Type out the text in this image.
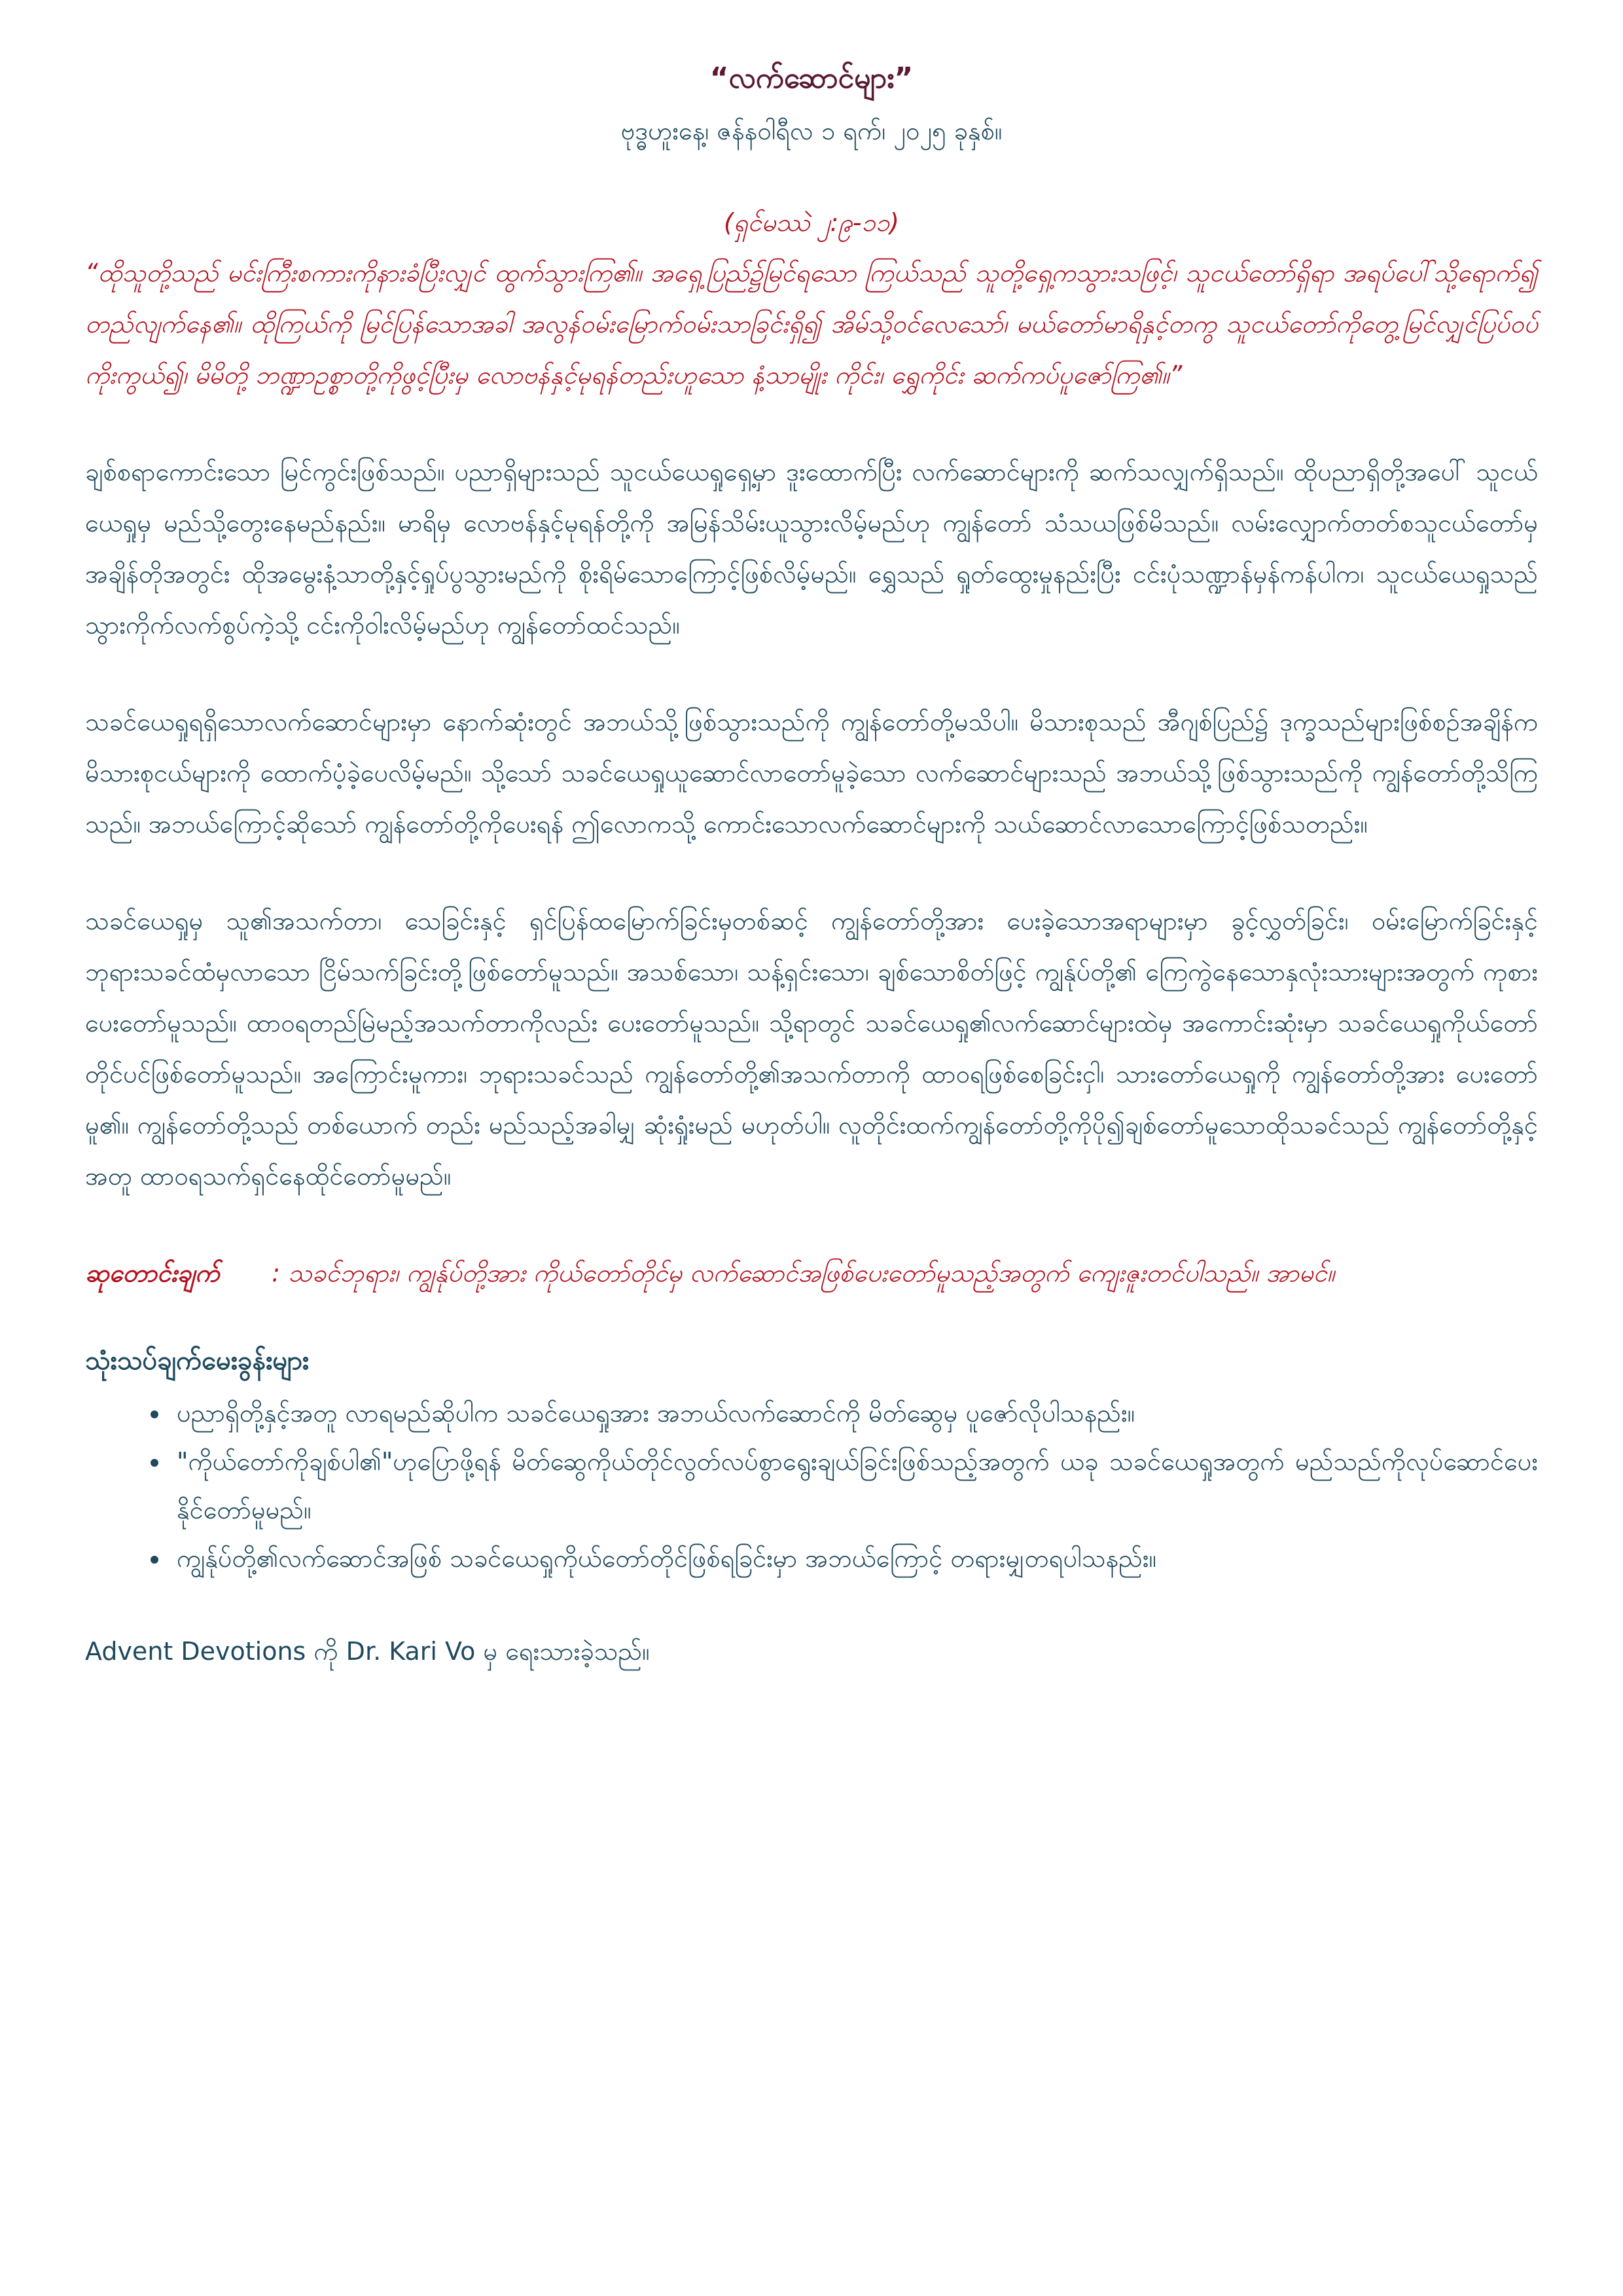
“လက်ဆောင်များ”
ဗုဒ္ဓဟူးနေ့၊ ဇန်နဝါရီလ ၁ ရက်၊ ၂၀၂၅ ခုနှစ်။
(ရှင်မဿဲ ၂:၉-၁၁)
“ထိုသူတို့သည် မင်းကြီးစကားကိုနားခံပြီးလျှင် ထွက်သွားကြ၏။ အရှေ့ပြည်၌မြင်ရသော ကြယ်သည် သူတို့ရှေ့ကသွားသဖြင့်၊ သူငယ်တော်ရှိရာ အရပ်ပေါ်သို့ရောက်၍ တည်လျက်နေ၏။ ထိုကြယ်ကို မြင်ပြန်သောအခါ အလွန်ဝမ်းမြောက်ဝမ်းသာခြင်းရှိ၍ အိမ်သို့ဝင်လေသော်၊ မယ်တော်မာရိနှင့်တကွ သူငယ်တော်ကိုတွေ့မြင်လျှင်ပြပ်ဝပ်ကိုးကွယ်၍၊ မိမိတို့ ဘဏ္ဍာဥစ္စာတို့ကိုဖွင့်ပြီးမှ လောဗန်နှင့်မုရန်တည်းဟူသော နံ့သာမျိုး ကိုင်း၊ ရွှေကိုင်း ဆက်ကပ်ပူဇော်ကြ၏။”
ချစ်စရာကောင်းသော မြင်ကွင်းဖြစ်သည်။ ပညာရှိများသည် သူငယ်ယေရှုရှေ့မှာ ဒူးထောက်ပြီး လက်ဆောင်များကို ဆက်သလျှက်ရှိသည်။ ထိုပညာရှိတို့အပေါ် သူငယ်ယေရှုမှ မည်သို့တွေးနေမည်နည်း။ မာရိမှ လောဗန်နှင့်မုရန်တို့ကို အမြန်သိမ်းယူသွားလိမ့်မည်ဟု ကျွန်တော် သံသယဖြစ်မိသည်။ လမ်းလျှောက်တတ်စသူငယ်တော်မှ အချိန်တိုအတွင်း ထိုအမွေးနံ့သာတို့နှင့်ရှုပ်ပွသွားမည်ကို စိုးရိမ်သောကြောင့်ဖြစ်လိမ့်မည်။ ရွှေသည် ရှုတ်ထွေးမှုနည်းပြီး ငင်းပုံသဏ္ဍာန်မှန်ကန်ပါက၊ သူငယ်ယေရှုသည် သွားကိုက်လက်စွပ်ကဲ့သို့ ငင်းကိုဝါးလိမ့်မည်ဟု ကျွန်တော်ထင်သည်။
သခင်ယေရှုရရှိသောလက်ဆောင်များမှာ နောက်ဆုံးတွင် အဘယ်သို့ဖြစ်သွားသည်ကို ကျွန်တော်တို့မသိပါ။ မိသားစုသည် အီဂျစ်ပြည်၌ ဒုက္ခသည်များဖြစ်စဉ်အချိန်က မိသားစုငယ်များကို ထောက်ပံ့ခဲ့ပေလိမ့်မည်။ သို့သော် သခင်ယေရှုယူဆောင်လာတော်မူခဲ့သော လက်ဆောင်များသည် အဘယ်သို့ဖြစ်သွားသည်ကို ကျွန်တော်တို့သိကြသည်။ အဘယ်ကြောင့်ဆိုသော် ကျွန်တော်တို့ကိုပေးရန် ဤလောကသို့ ကောင်းသောလက်ဆောင်များကို သယ်ဆောင်လာသောကြောင့်ဖြစ်သတည်း။
သခင်ယေရှုမှ သူ၏အသက်တာ၊ သေခြင်းနှင့် ရှင်ပြန်ထမြောက်ခြင်းမှတစ်ဆင့် ကျွန်တော်တို့အား ပေးခဲ့သောအရာများမှာ ခွင့်လွှတ်ခြင်း၊ ဝမ်းမြောက်ခြင်းနှင့်ဘုရားသခင်ထံမှလာသော ငြိမ်သက်ခြင်းတို့ဖြစ်တော်မူသည်။ အသစ်သော၊ သန့်ရှင်းသော၊ ချစ်သောစိတ်ဖြင့် ကျွန်ုပ်တို့၏ ကြေကွဲနေသောနှလုံးသားများအတွက် ကုစားပေးတော်မူသည်။ ထာဝရတည်မြဲမည့်အသက်တာကိုလည်း ပေးတော်မူသည်။ သို့ရာတွင် သခင်ယေရှု၏လက်ဆောင်များထဲမှ အကောင်းဆုံးမှာ သခင်ယေရှုကိုယ်တော်တိုင်ပင်ဖြစ်တော်မူသည်။ အကြောင်းမူကား၊ ဘုရားသခင်သည် ကျွန်တော်တို့၏အသက်တာကို ထာဝရဖြစ်စေခြင်းငှါ၊ သားတော်ယေရှုကို ကျွန်တော်တို့အား ပေးတော်မူ၏။ ကျွန်တော်တို့သည် တစ်ယောက် တည်း မည်သည့်အခါမျှ ဆုံးရှုံးမည် မဟုတ်ပါ။ လူတိုင်းထက်ကျွန်တော်တို့ကိုပို၍ချစ်တော်မူသောထိုသခင်သည် ကျွန်တော်တို့နှင့်အတူ ထာဝရသက်ရှင်နေထိုင်တော်မူမည်။
ဆုတောင်းချက် : သခင်ဘုရား၊ ကျွန်ုပ်တို့အား ကိုယ်တော်တိုင်မှ လက်ဆောင်အဖြစ်ပေးတော်မူသည့်အတွက် ကျေးဇူးတင်ပါသည်။ အာမင်။
သုံးသပ်ချက်မေးခွန်းများ
• ပညာရှိတို့နှင့်အတူ လာရမည်ဆိုပါက သခင်ယေရှုအား အဘယ်လက်ဆောင်ကို မိတ်ဆွေမှ ပူဇော်လိုပါသနည်း။
• "ကိုယ်တော်ကိုချစ်ပါ၏"ဟုပြောဖို့ရန် မိတ်ဆွေကိုယ်တိုင်လွတ်လပ်စွာရွေးချယ်ခြင်းဖြစ်သည့်အတွက် ယခု သခင်ယေရှုအတွက် မည်သည်ကိုလုပ်ဆောင်ပေးနိုင်တော်မူမည်။
• ကျွန်ုပ်တို့၏လက်ဆောင်အဖြစ် သခင်ယေရှုကိုယ်တော်တိုင်ဖြစ်ရခြင်းမှာ အဘယ်ကြောင့် တရားမျှတရပါသနည်း။
Advent Devotions ကို Dr. Kari Vo မှ ရေးသားခဲ့သည်။
